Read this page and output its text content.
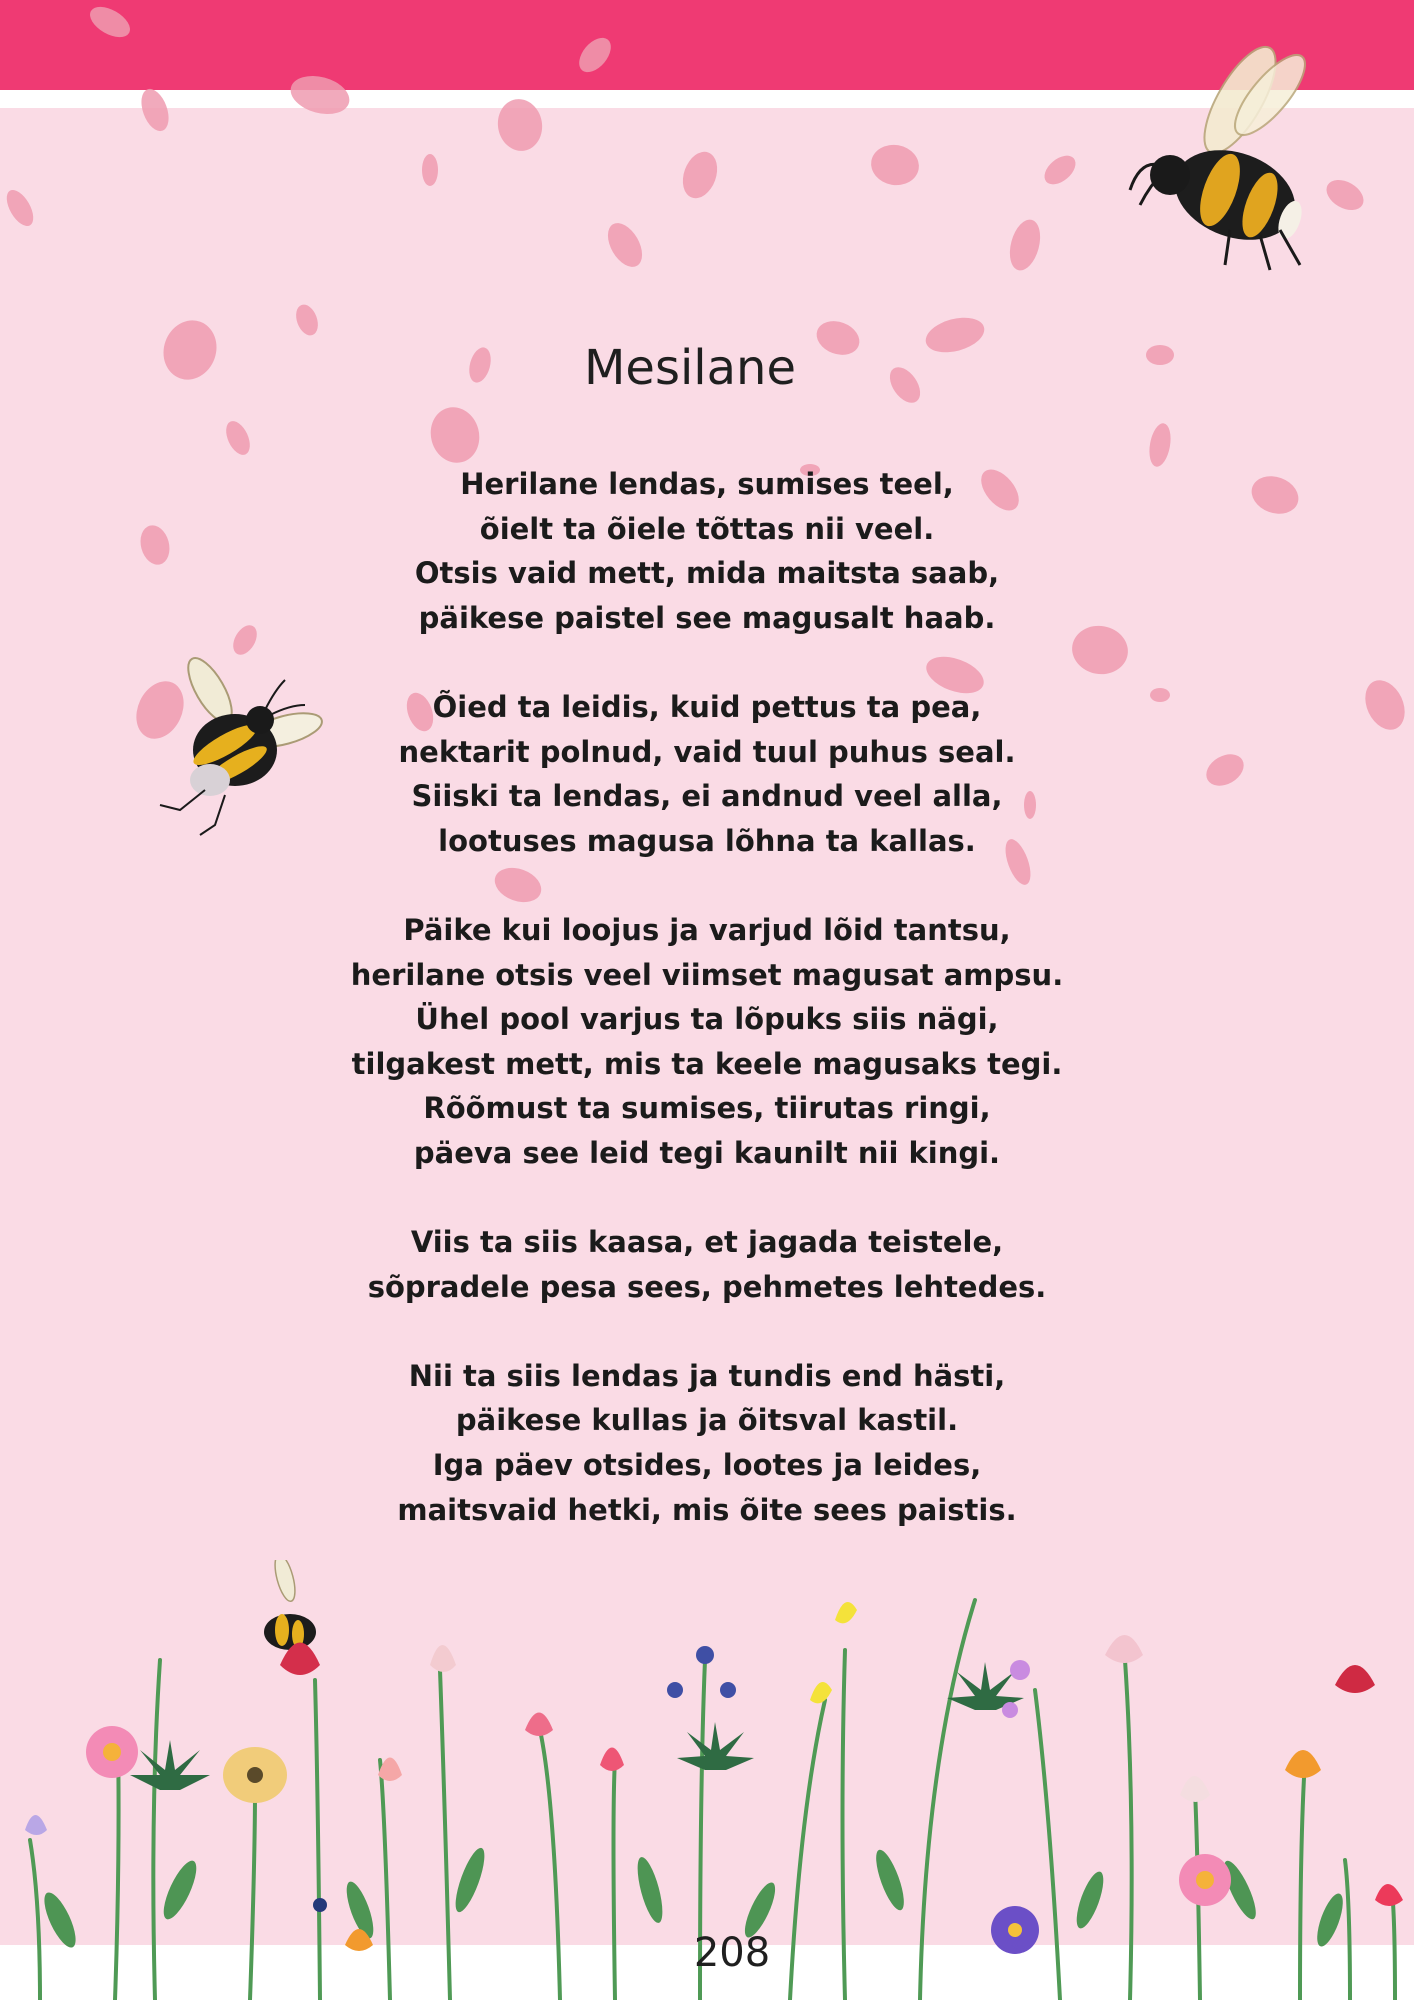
Mesilane
Herilane lendas, sumises teel,
õielt ta õiele tõttas nii veel.
Otsis vaid mett, mida maitsta saab,
päikese paistel see magusalt haab.
Õied ta leidis, kuid pettus ta pea,
nektarit polnud, vaid tuul puhus seal.
Siiski ta lendas, ei andnud veel alla,
lootuses magusa lõhna ta kallas.
Päike kui loojus ja varjud lõid tantsu,
herilane otsis veel viimset magusat ampsu.
Ühel pool varjus ta lõpuks siis nägi,
tilgakest mett, mis ta keele magusaks tegi.
Rõõmust ta sumises, tiirutas ringi,
päeva see leid tegi kaunilt nii kingi.
Viis ta siis kaasa, et jagada teistele,
sõpradele pesa sees, pehmetes lehtedes.
Nii ta siis lendas ja tundis end hästi,
päikese kullas ja õitsval kastil.
Iga päev otsides, lootes ja leides,
maitsvaid hetki, mis õite sees paistis.
208
